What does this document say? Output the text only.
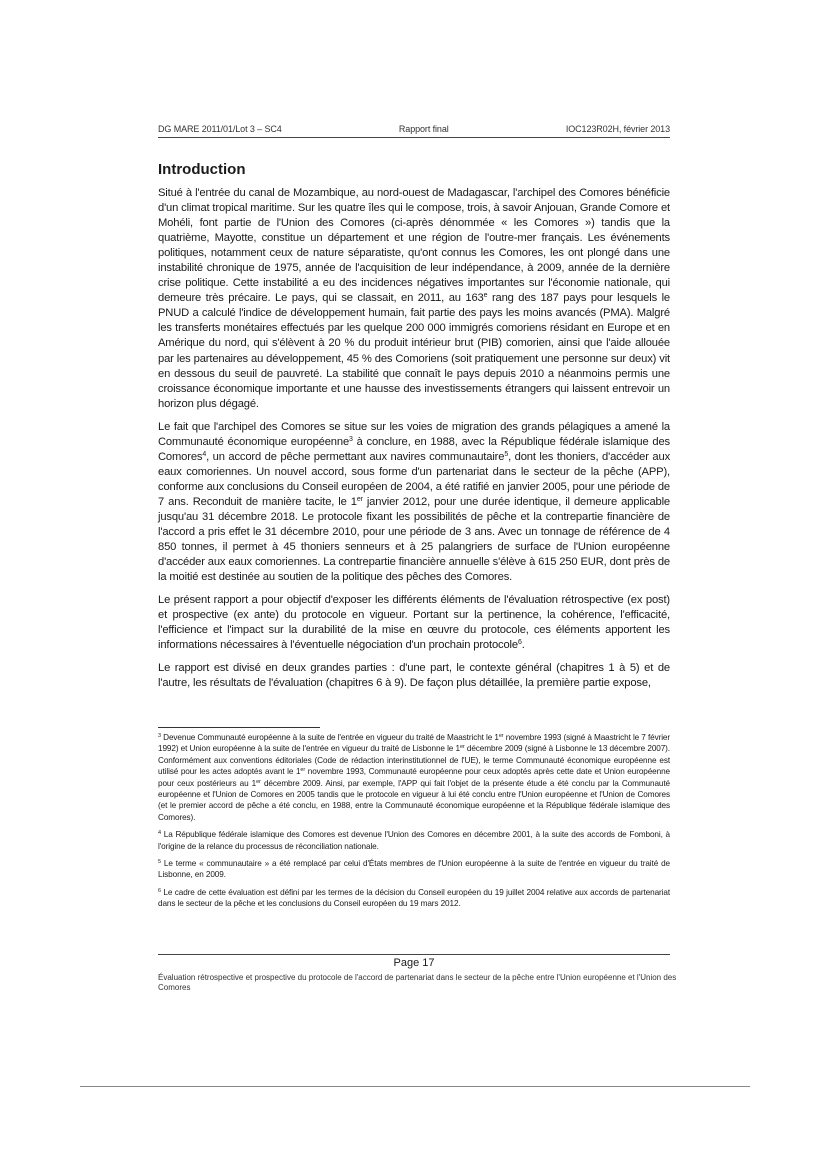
DG MARE 2011/01/Lot 3 – SC4	Rapport final	IOC123R02H, février 2013
Introduction

Situé à l'entrée du canal de Mozambique, au nord-ouest de Madagascar, l'archipel des Comores bénéficie d'un climat tropical maritime. Sur les quatre îles qui le compose, trois, à savoir Anjouan, Grande Comore et Mohéli, font partie de l'Union des Comores (ci-après dénommée « les Comores ») tandis que la quatrième, Mayotte, constitue un département et une région de l'outre-mer français. Les événements politiques, notamment ceux de nature séparatiste, qu'ont connus les Comores, les ont plongé dans une instabilité chronique de 1975, année de l'acquisition de leur indépendance, à 2009, année de la dernière crise politique. Cette instabilité a eu des incidences négatives importantes sur l'économie nationale, qui demeure très précaire. Le pays, qui se classait, en 2011, au 163e rang des 187 pays pour lesquels le PNUD a calculé l'indice de développement humain, fait partie des pays les moins avancés (PMA). Malgré les transferts monétaires effectués par les quelque 200 000 immigrés comoriens résidant en Europe et en Amérique du nord, qui s'élèvent à 20 % du produit intérieur brut (PIB) comorien, ainsi que l'aide allouée par les partenaires au développement, 45 % des Comoriens (soit pratiquement une personne sur deux) vit en dessous du seuil de pauvreté. La stabilité que connaît le pays depuis 2010 a néanmoins permis une croissance économique importante et une hausse des investissements étrangers qui laissent entrevoir un horizon plus dégagé.

Le fait que l'archipel des Comores se situe sur les voies de migration des grands pélagiques a amené la Communauté économique européenne$^3$ à conclure, en 1988, avec la République fédérale islamique des Comores$^4$, un accord de pêche permettant aux navires communautaire$^5$, dont les thoniers, d'accéder aux eaux comoriennes. Un nouvel accord, sous forme d'un partenariat dans le secteur de la pêche (APP), conforme aux conclusions du Conseil européen de 2004, a été ratifié en janvier 2005, pour une période de 7 ans. Reconduit de manière tacite, le 1er janvier 2012, pour une durée identique, il demeure applicable jusqu'au 31 décembre 2018. Le protocole fixant les possibilités de pêche et la contrepartie financière de l'accord a pris effet le 31 décembre 2010, pour une période de 3 ans. Avec un tonnage de référence de 4 850 tonnes, il permet à 45 thoniers senneurs et à 25 palangriers de surface de l'Union européenne d'accéder aux eaux comoriennes. La contrepartie financière annuelle s'élève à 615 250 EUR, dont près de la moitié est destinée au soutien de la politique des pêches des Comores.

Le présent rapport a pour objectif d'exposer les différents éléments de l'évaluation rétrospective (ex post) et prospective (ex ante) du protocole en vigueur. Portant sur la pertinence, la cohérence, l'efficacité, l'efficience et l'impact sur la durabilité de la mise en œuvre du protocole, ces éléments apportent les informations nécessaires à l'éventuelle négociation d'un prochain protocole$^6$.

Le rapport est divisé en deux grandes parties : d'une part, le contexte général (chapitres 1 à 5) et de l'autre, les résultats de l'évaluation (chapitres 6 à 9). De façon plus détaillée, la première partie expose,

$^3$ Devenue Communauté européenne à la suite de l'entrée en vigueur du traité de Maastricht le 1er novembre 1993 (signé à Maastricht le 7 février 1992) et Union européenne à la suite de l'entrée en vigueur du traité de Lisbonne le 1er décembre 2009 (signé à Lisbonne le 13 décembre 2007). Conformément aux conventions éditoriales (Code de rédaction interinstitutionnel de l'UE), le terme Communauté économique européenne est utilisé pour les actes adoptés avant le 1er novembre 1993, Communauté européenne pour ceux adoptés après cette date et Union européenne pour ceux postérieurs au 1er décembre 2009. Ainsi, par exemple, l'APP qui fait l'objet de la présente étude a été conclu par la Communauté européenne et l'Union de Comores en 2005 tandis que le protocole en vigueur à lui été conclu entre l'Union européenne et l'Union de Comores (et le premier accord de pêche a été conclu, en 1988, entre la Communauté économique européenne et la République fédérale islamique des Comores).

$^4$ La République fédérale islamique des Comores est devenue l'Union des Comores en décembre 2001, à la suite des accords de Fomboni, à l'origine de la relance du processus de réconciliation nationale.

$^5$ Le terme « communautaire » a été remplacé par celui d'États membres de l'Union européenne à la suite de l'entrée en vigueur du traité de Lisbonne, en 2009.

$^6$ Le cadre de cette évaluation est défini par les termes de la décision du Conseil européen du 19 juillet 2004 relative aux accords de partenariat dans le secteur de la pêche et les conclusions du Conseil européen du 19 mars 2012.

Page 17
Évaluation rétrospective et prospective du protocole de l'accord de partenariat dans le secteur de la pêche entre l'Union européenne et l'Union des Comores
